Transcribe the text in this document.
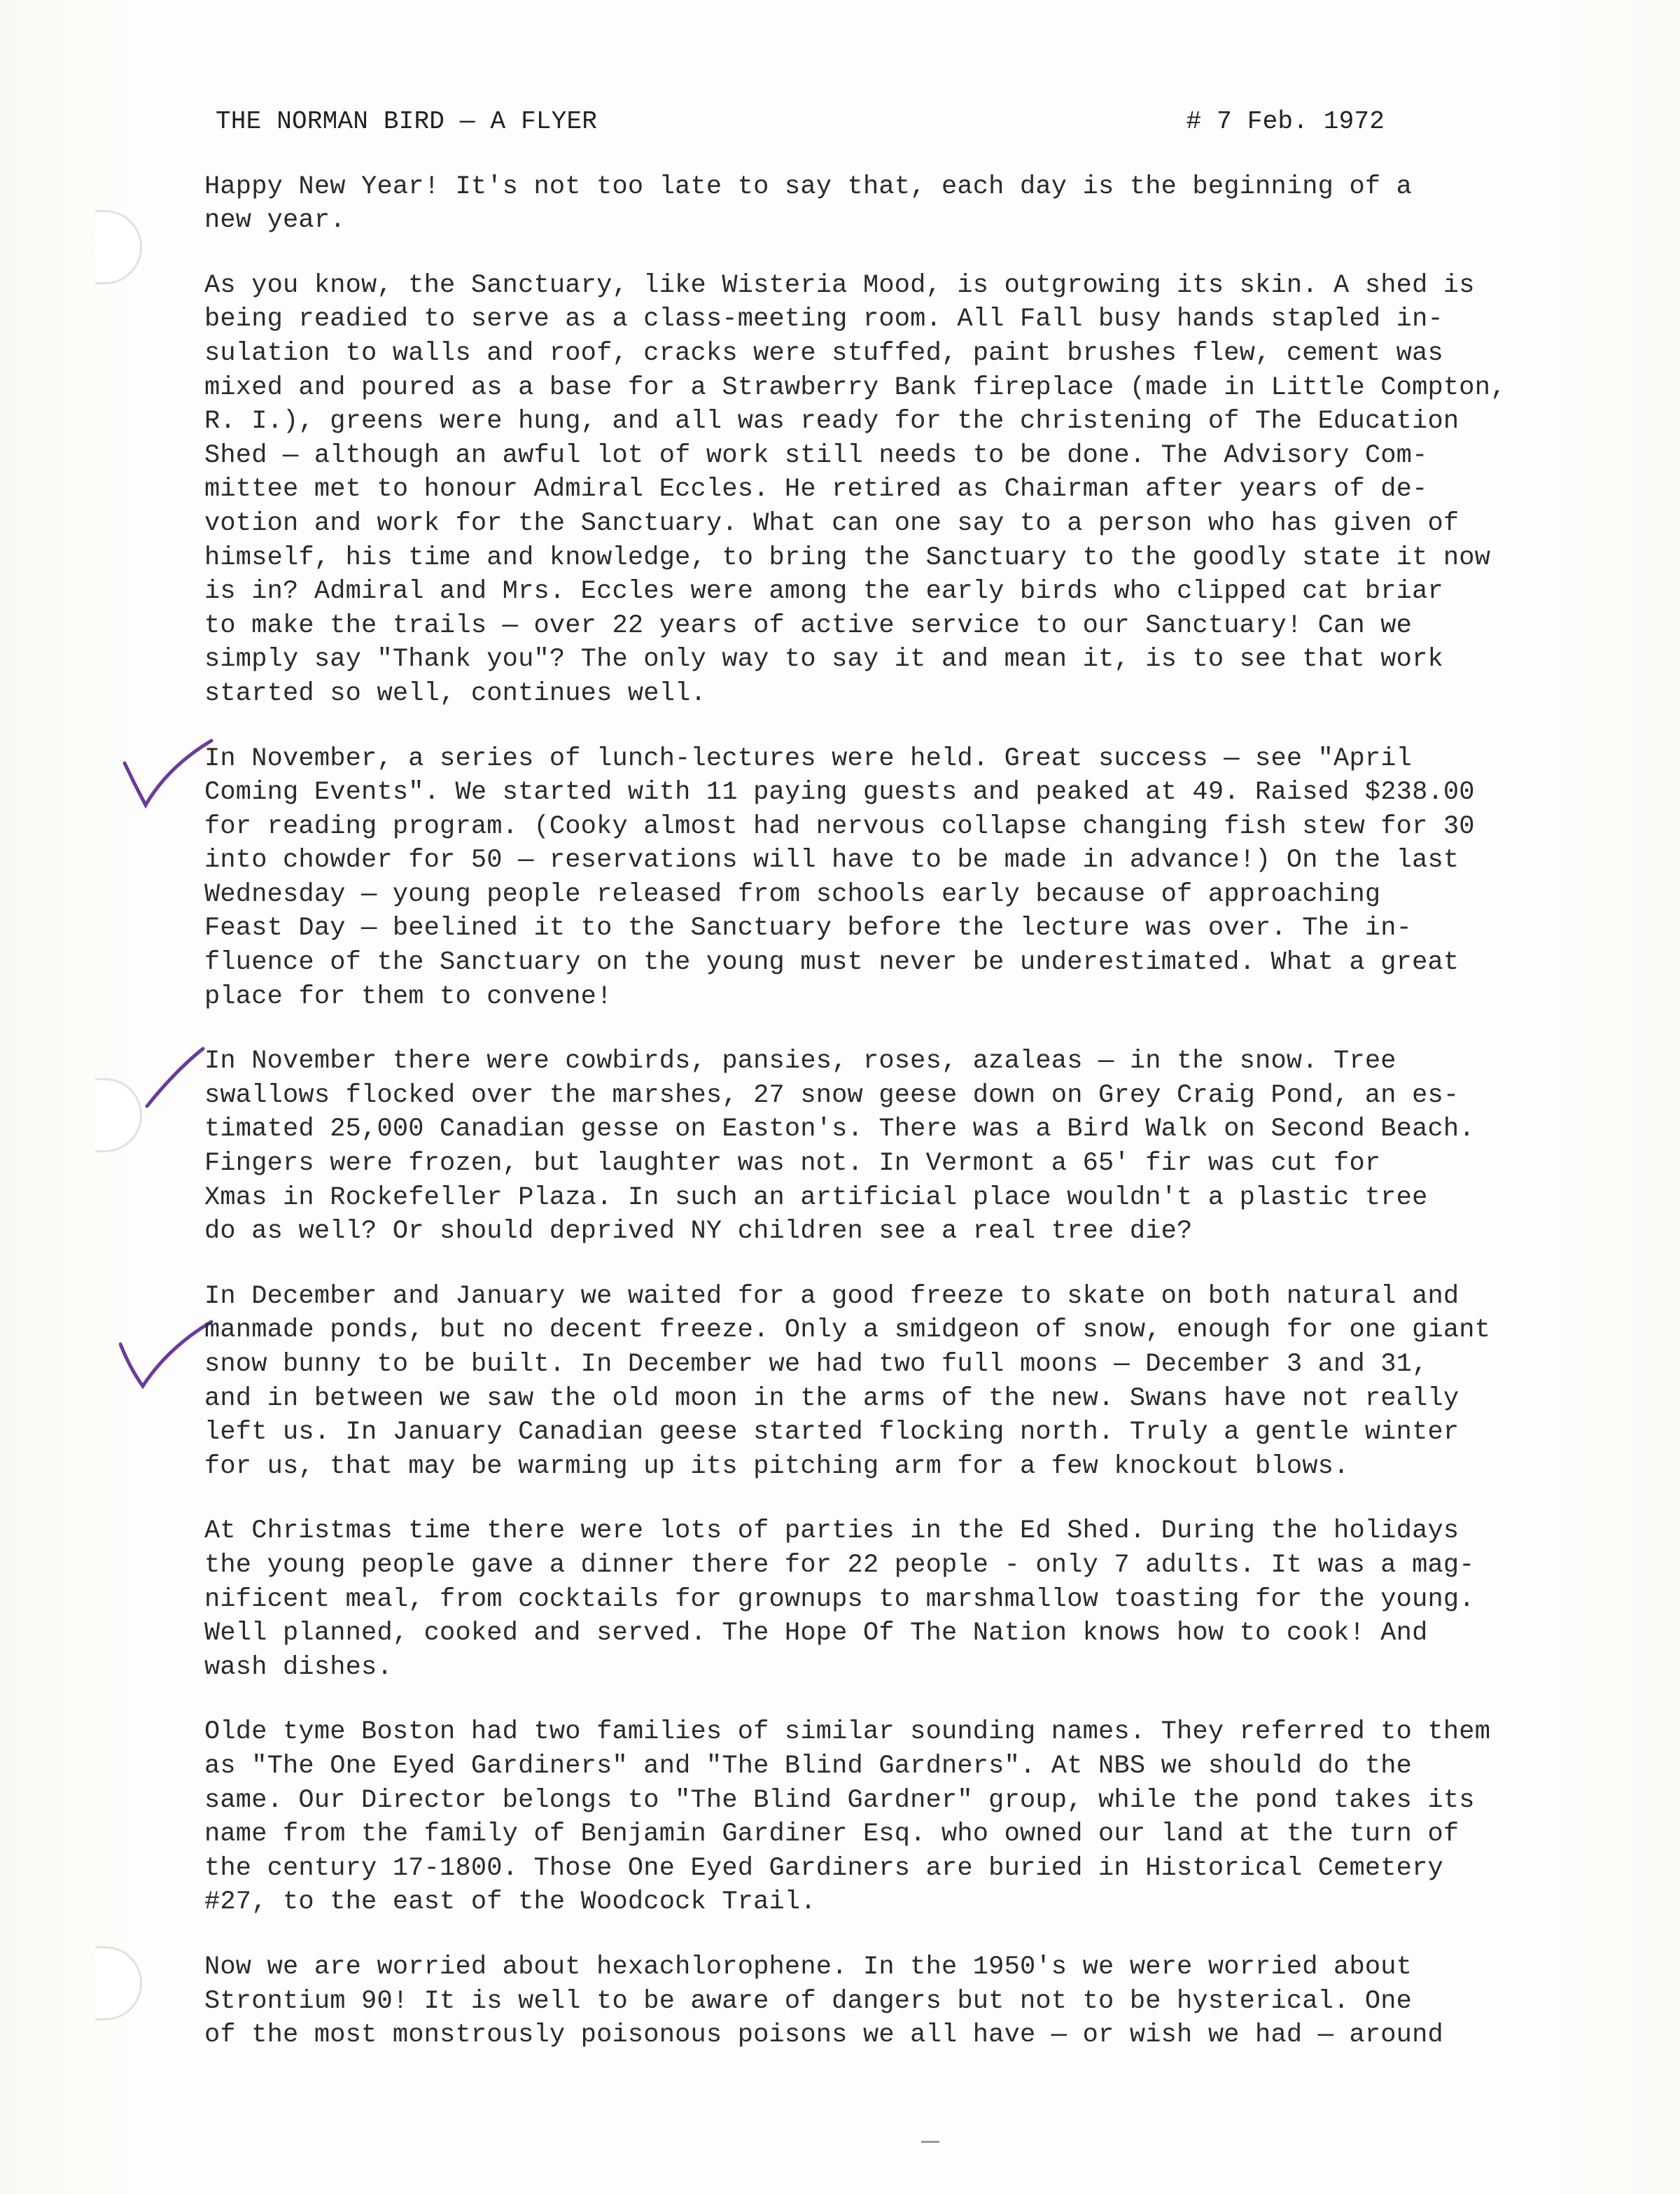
THE NORMAN BIRD — A FLYER	# 7 Feb. 1972
Happy New Year! It's not too late to say that, each day is the beginning of a
new year.
As you know, the Sanctuary, like Wisteria Mood, is outgrowing its skin. A shed is
being readied to serve as a class-meeting room. All Fall busy hands stapled in-
sulation to walls and roof, cracks were stuffed, paint brushes flew, cement was
mixed and poured as a base for a Strawberry Bank fireplace (made in Little Compton,
R. I.), greens were hung, and all was ready for the christening of The Education
Shed — although an awful lot of work still needs to be done. The Advisory Com-
mittee met to honour Admiral Eccles. He retired as Chairman after years of de-
votion and work for the Sanctuary. What can one say to a person who has given of
himself, his time and knowledge, to bring the Sanctuary to the goodly state it now
is in? Admiral and Mrs. Eccles were among the early birds who clipped cat briar
to make the trails — over 22 years of active service to our Sanctuary! Can we
simply say "Thank you"? The only way to say it and mean it, is to see that work
started so well, continues well.
In November, a series of lunch-lectures were held. Great success — see "April
Coming Events". We started with 11 paying guests and peaked at 49. Raised $238.00
for reading program. (Cooky almost had nervous collapse changing fish stew for 30
into chowder for 50 — reservations will have to be made in advance!) On the last
Wednesday — young people released from schools early because of approaching
Feast Day — beelined it to the Sanctuary before the lecture was over. The in-
fluence of the Sanctuary on the young must never be underestimated. What a great
place for them to convene!
In November there were cowbirds, pansies, roses, azaleas — in the snow. Tree
swallows flocked over the marshes, 27 snow geese down on Grey Craig Pond, an es-
timated 25,000 Canadian gesse on Easton's. There was a Bird Walk on Second Beach.
Fingers were frozen, but laughter was not. In Vermont a 65' fir was cut for
Xmas in Rockefeller Plaza. In such an artificial place wouldn't a plastic tree
do as well? Or should deprived NY children see a real tree die?
In December and January we waited for a good freeze to skate on both natural and
manmade ponds, but no decent freeze. Only a smidgeon of snow, enough for one giant
snow bunny to be built. In December we had two full moons — December 3 and 31,
and in between we saw the old moon in the arms of the new. Swans have not really
left us. In January Canadian geese started flocking north. Truly a gentle winter
for us, that may be warming up its pitching arm for a few knockout blows.
At Christmas time there were lots of parties in the Ed Shed. During the holidays
the young people gave a dinner there for 22 people - only 7 adults. It was a mag-
nificent meal, from cocktails for grownups to marshmallow toasting for the young.
Well planned, cooked and served. The Hope Of The Nation knows how to cook! And
wash dishes.
Olde tyme Boston had two families of similar sounding names. They referred to them
as "The One Eyed Gardiners" and "The Blind Gardners". At NBS we should do the
same. Our Director belongs to "The Blind Gardner" group, while the pond takes its
name from the family of Benjamin Gardiner Esq. who owned our land at the turn of
the century 17-1800. Those One Eyed Gardiners are buried in Historical Cemetery
#27, to the east of the Woodcock Trail.
Now we are worried about hexachlorophene. In the 1950's we were worried about
Strontium 90! It is well to be aware of dangers but not to be hysterical. One
of the most monstrously poisonous poisons we all have — or wish we had — around
